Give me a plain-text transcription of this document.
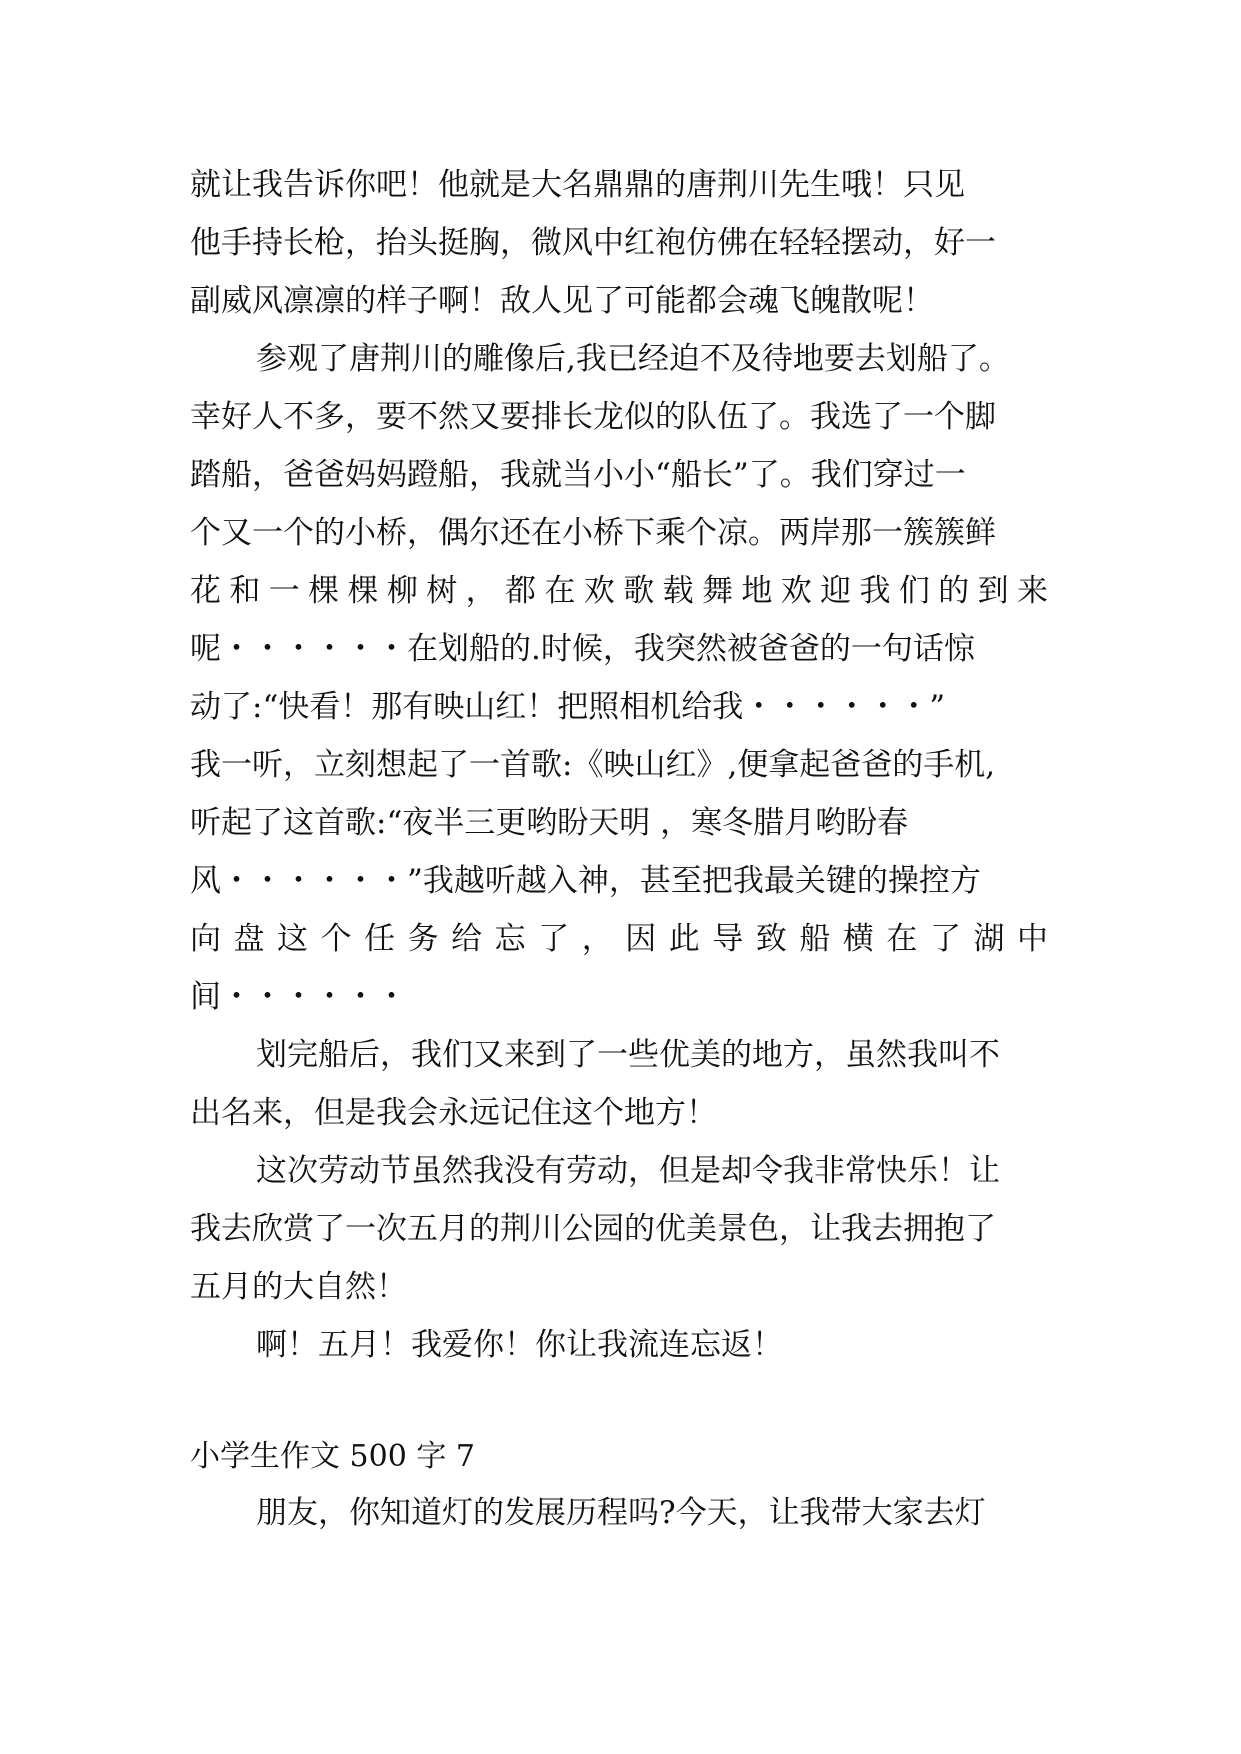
就让我告诉你吧！他就是大名鼎鼎的唐荆川先生哦！只见
他手持长枪，抬头挺胸，微风中红袍仿佛在轻轻摆动，好一
副威风凛凛的样子啊！敌人见了可能都会魂飞魄散呢！
参观了唐荆川的雕像后,我已经迫不及待地要去划船了。
幸好人不多，要不然又要排长龙似的队伍了。我选了一个脚
踏船，爸爸妈妈蹬船，我就当小小“船长”了。我们穿过一
个又一个的小桥，偶尔还在小桥下乘个凉。两岸那一簇簇鲜
花和一棵棵柳树，都在欢歌载舞地欢迎我们的到来
呢・・・・・・在划船的.时候，我突然被爸爸的一句话惊
动了:“快看！那有映山红！把照相机给我・・・・・・”
我一听，立刻想起了一首歌:《映山红》,便拿起爸爸的手机,
听起了这首歌:“夜半三更哟盼天明 ，寒冬腊月哟盼春
风・・・・・・”我越听越入神，甚至把我最关键的操控方
向盘这个任务给忘了，因此导致船横在了湖中
间・・・・・・
划完船后，我们又来到了一些优美的地方，虽然我叫不
出名来，但是我会永远记住这个地方！
这次劳动节虽然我没有劳动，但是却令我非常快乐！让
我去欣赏了一次五月的荆川公园的优美景色，让我去拥抱了
五月的大自然！
啊！五月！我爱你！你让我流连忘返！
小学生作文 500 字 7
朋友，你知道灯的发展历程吗?今天，让我带大家去灯
